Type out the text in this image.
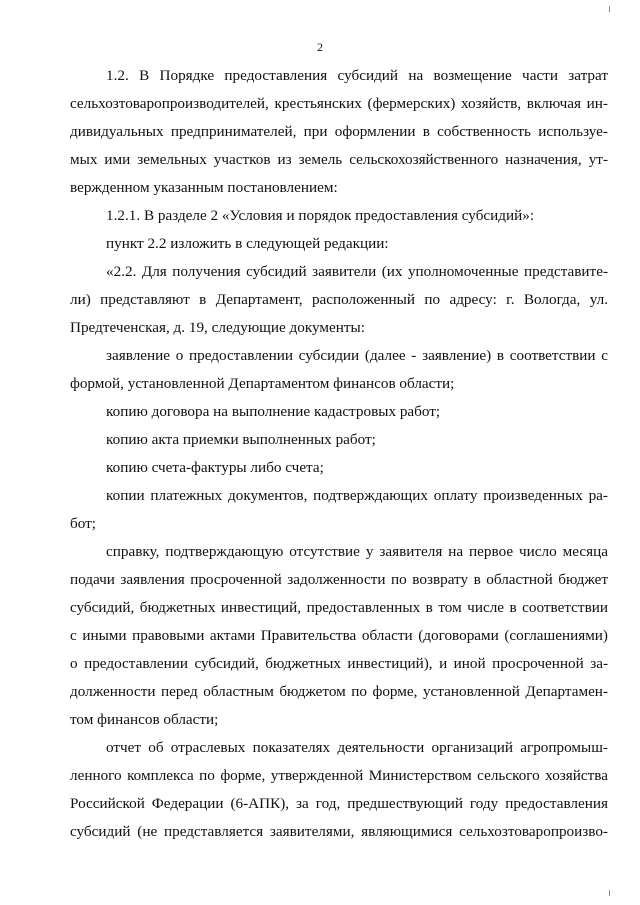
2
1.2. В Порядке предоставления субсидий на возмещение части затрат
сельхозтоваропроизводителей, крестьянских (фермерских) хозяйств, включая ин-
дивидуальных предпринимателей, при оформлении в собственность используе-
мых ими земельных участков из земель сельскохозяйственного назначения, ут-
вержденном указанным постановлением:
1.2.1. В разделе 2 «Условия и порядок предоставления субсидий»:
пункт 2.2 изложить в следующей редакции:
«2.2. Для получения субсидий заявители (их уполномоченные представите-
ли) представляют в Департамент, расположенный по адресу: г. Вологда, ул.
Предтеченская, д. 19, следующие документы:
заявление о предоставлении субсидии (далее - заявление) в соответствии с
формой, установленной Департаментом финансов области;
копию договора на выполнение кадастровых работ;
копию акта приемки выполненных работ;
копию счета-фактуры либо счета;
копии платежных документов, подтверждающих оплату произведенных ра-
бот;
справку, подтверждающую отсутствие у заявителя на первое число месяца
подачи заявления просроченной задолженности по возврату в областной бюджет
субсидий, бюджетных инвестиций, предоставленных в том числе в соответствии
с иными правовыми актами Правительства области (договорами (соглашениями)
о предоставлении субсидий, бюджетных инвестиций), и иной просроченной за-
долженности перед областным бюджетом по форме, установленной Департамен-
том финансов области;
отчет об отраслевых показателях деятельности организаций агропромыш-
ленного комплекса по форме, утвержденной Министерством сельского хозяйства
Российской Федерации (6-АПК), за год, предшествующий году предоставления
субсидий (не представляется заявителями, являющимися сельхозтоваропроизво-
